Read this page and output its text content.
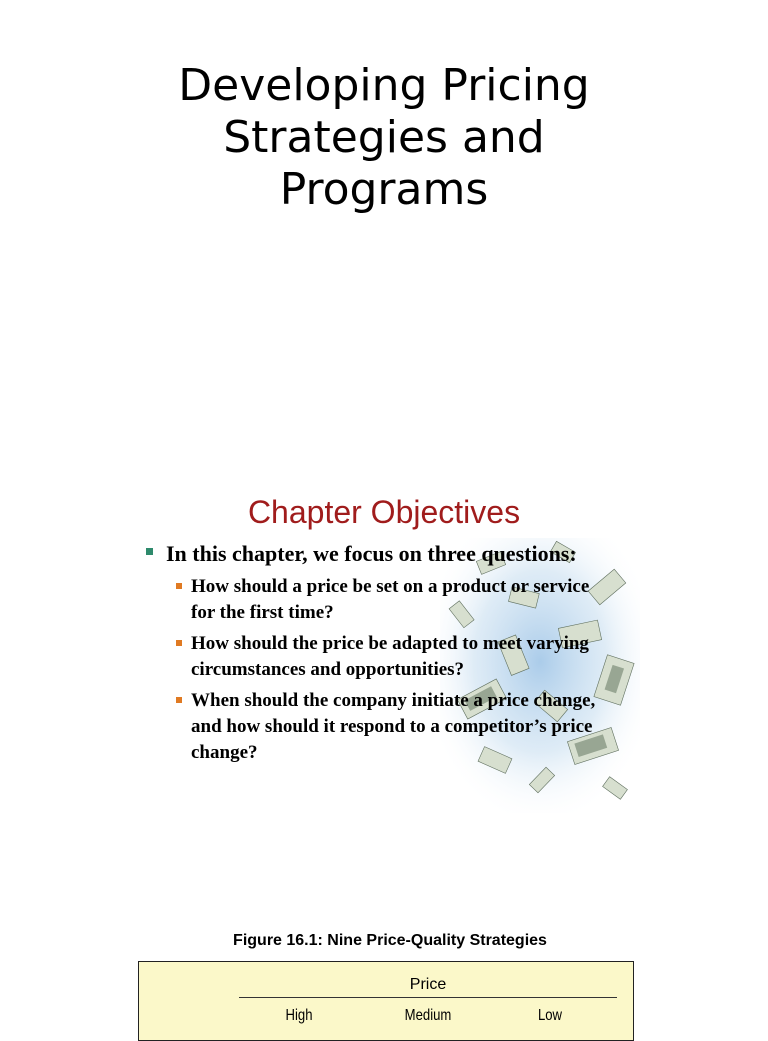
Developing Pricing
Strategies and
Programs
Chapter Objectives
In this chapter, we focus on three questions:
How should a price be set on a product or service for the first time?
How should the price be adapted to meet varying circumstances and opportunities?
When should the company initiate a price change, and how should it respond to a competitor’s price change?

Figure 16.1: Nine Price-Quality Strategies

Price
High	Medium	Low
